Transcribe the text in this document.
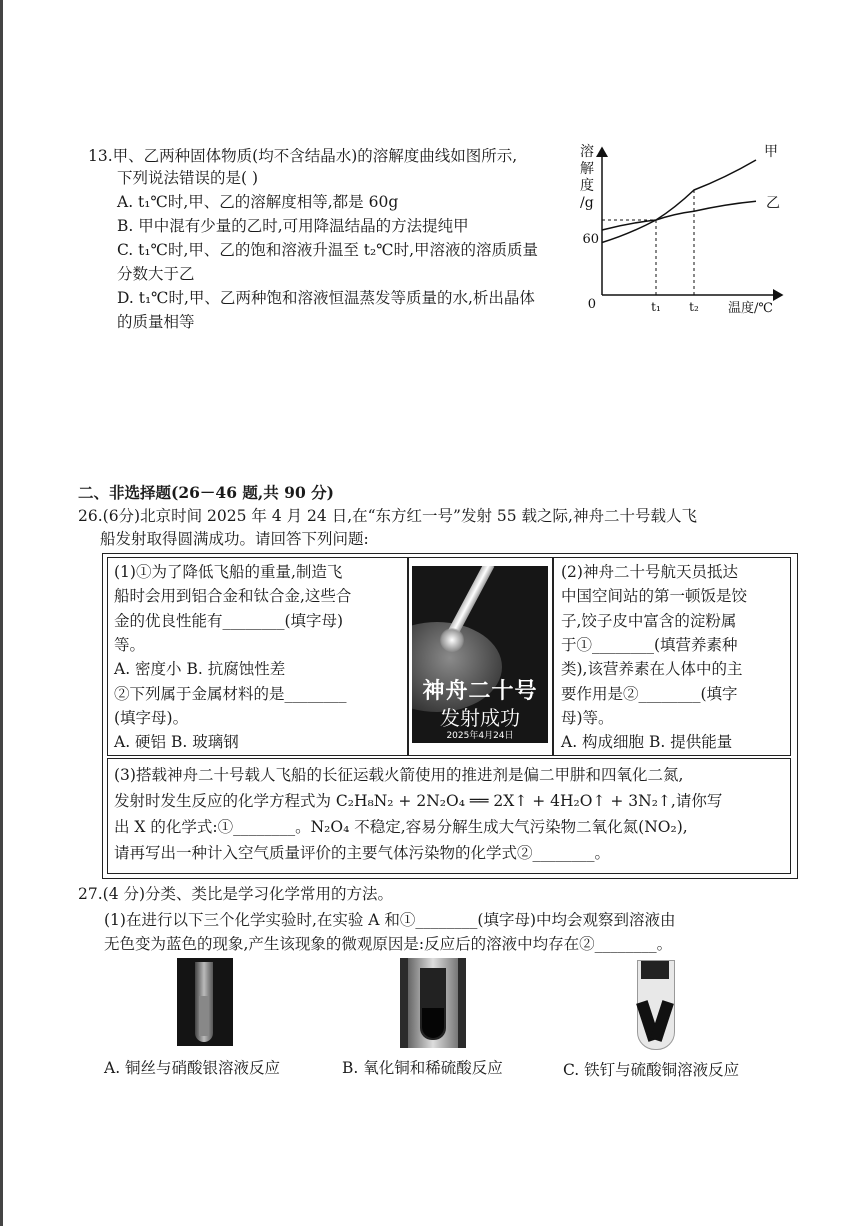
13.甲、乙两种固体物质(均不含结晶水)的溶解度曲线如图所示,
下列说法错误的是( )
A. t₁℃时,甲、乙的溶解度相等,都是 60g
B. 甲中混有少量的乙时,可用降温结晶的方法提纯甲
C. t₁℃时,甲、乙的饱和溶液升温至 t₂℃时,甲溶液的溶质质量
分数大于乙
D. t₁℃时,甲、乙两种饱和溶液恒温蒸发等质量的水,析出晶体
的质量相等
溶
解
度
/g
温度/℃
0
60
t₁ t₂
甲
乙
二、非选择题(26－46 题,共 90 分)
26.(6分)北京时间 2025 年 4 月 24 日,在“东方红一号”发射 55 载之际,神舟二十号载人飞
船发射取得圆满成功。请回答下列问题:
(1)①为了降低飞船的重量,制造飞
船时会用到铝合金和钛合金,这些合
金的优良性能有________(填字母)
等。
A. 密度小 B. 抗腐蚀性差
②下列属于金属材料的是________
(填字母)。
A. 硬铝 B. 玻璃钢
(2)神舟二十号航天员抵达
中国空间站的第一顿饭是饺
子,饺子皮中富含的淀粉属
于①________(填营养素种
类),该营养素在人体中的主
要作用是②________(填字
母)等。
A. 构成细胞 B. 提供能量
(3)搭载神舟二十号载人飞船的长征运载火箭使用的推进剂是偏二甲肼和四氧化二氮,
发射时发生反应的化学方程式为 C₂H₈N₂ + 2N₂O₄ ══ 2X↑ + 4H₂O↑ + 3N₂↑,请你写
出 X 的化学式:①________。N₂O₄ 不稳定,容易分解生成大气污染物二氧化氮(NO₂),
请再写出一种计入空气质量评价的主要气体污染物的化学式②________。
神舟二十号
发射成功
2025年4月24日
27.(4 分)分类、类比是学习化学常用的方法。
(1)在进行以下三个化学实验时,在实验 A 和①________(填字母)中均会观察到溶液由
无色变为蓝色的现象,产生该现象的微观原因是:反应后的溶液中均存在②________。
A. 铜丝与硝酸银溶液反应	B. 氧化铜和稀硫酸反应	C. 铁钉与硫酸铜溶液反应
